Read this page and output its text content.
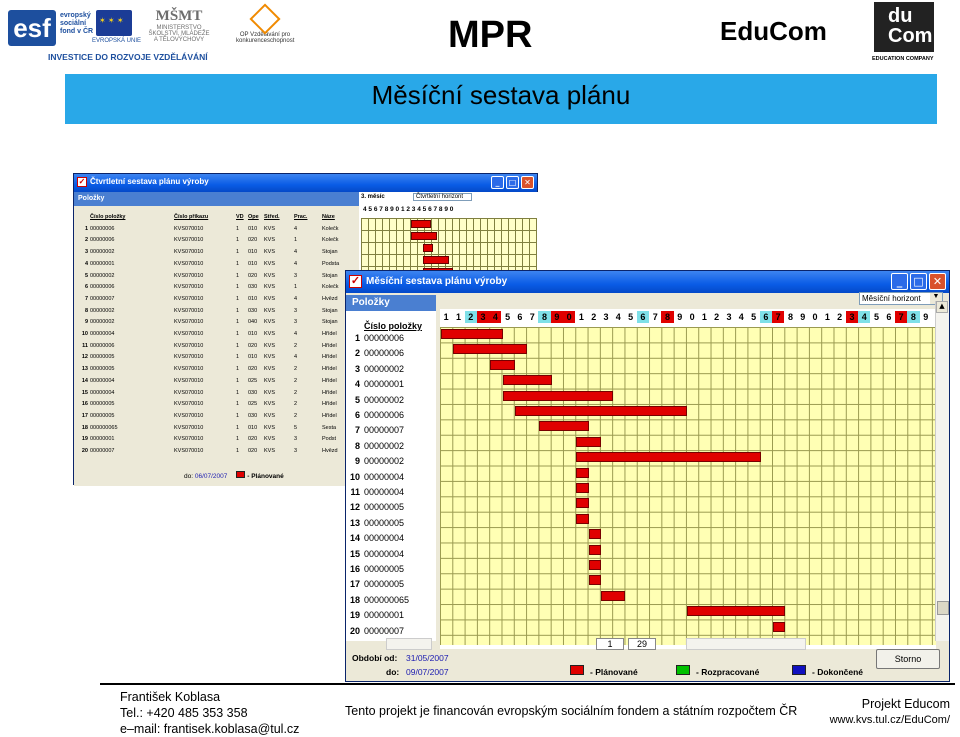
esf	evropský
sociální
fond v ČR
✶ ✶ ✶
EVROPSKÁ UNIE
MŠMT
MINISTERSTVO ŠKOLSTVÍ, MLÁDEŽE A TĚLOVÝCHOVY
OP Vzdělávání pro konkurenceschopnost
INVESTICE DO ROZVOJE VZDĚLÁVÁNÍ
MPR	EduCom	du
Com
EDUCATION COMPANY
Měsíční sestava plánu
✓ Čtvrtletní sestava plánu výroby	_	□ ✕
Položky
Číslo položky	Číslo příkazu	VD Ope Střed.	Prac.	Náze
1 00000006	KVS070010	1	010	KVS	4	Kolečk
2 00000006	KVS070010	1	020	KVS	1	Kolečk
3 00000002	KVS070010	1	010	KVS	4	Stojan
4 00000001	KVS070010	1	010	KVS	4	Podsta
5 00000002	KVS070010	1	020	KVS	3	Stojan
6 00000006	KVS070010	1	030	KVS	1	Kolečk
7 00000007	KVS070010	1	010	KVS	4	Hvězd
8 00000002	KVS070010	1	030	KVS	3	Stojan
9 00000002	KVS070010	1	040	KVS	3	Stojan
10 00000004	KVS070010	1	010	KVS	4	Hřídel
11 00000006	KVS070010	1	020	KVS	2	Hřídel
12 00000005	KVS070010	1	010	KVS	4	Hřídel
13 00000005	KVS070010	1	020	KVS	2	Hřídel
14 00000004	KVS070010	1	025	KVS	2	Hřídel
15 00000004	KVS070010	1	030	KVS	2	Hřídel
16 00000005	KVS070010	1	025	KVS	2	Hřídel
17 00000005	KVS070010	1	030	KVS	2	Hřídel
18 000000065	KVS070010	1	010	KVS	5	Sesta
19 00000001	KVS070010	1	020	KVS	3	Podst
20 00000007	KVS070010	1	020	KVS	3	Hvězd
3. měsíc	Čtvrtletní horizont
4 5 6 7 8 9 0 1 2 3 4 5 6 7 8 9 0
do: 06/07/2007	- Plánované
✓ Měsíční sestava plánu výroby	_	□ ✕
Položky	Měsíční horizont	▼
Číslo položky
1 00000006
2 00000006
3 00000002
4 00000001
5 00000002
6 00000006
7 00000007
8 00000002
9 00000002
10 00000004
11 00000004
12 00000005
13 00000005
14 00000004
15 00000004
16 00000005
17 00000005
18 000000065
19 00000001
20 00000007
1 1 2 3 4 5 6 7 8 9 0 1 2 3 4 5 6 7 8 9 0 1 2 3 4 5 6 7 8 9 0 1 2 3 4 5 6 7 8 9
▲
1	29
Období od: 31/05/2007
do: 09/07/2007	- Plánované	- Rozpracované	- Dokončené
Storno
František Koblasa
Tel.: +420 485 353 358
e–mail: frantisek.koblasa@tul.cz
Tento projekt je financován evropským sociálním fondem a státním rozpočtem ČR	Projekt Educom
www.kvs.tul.cz/EduCom/
